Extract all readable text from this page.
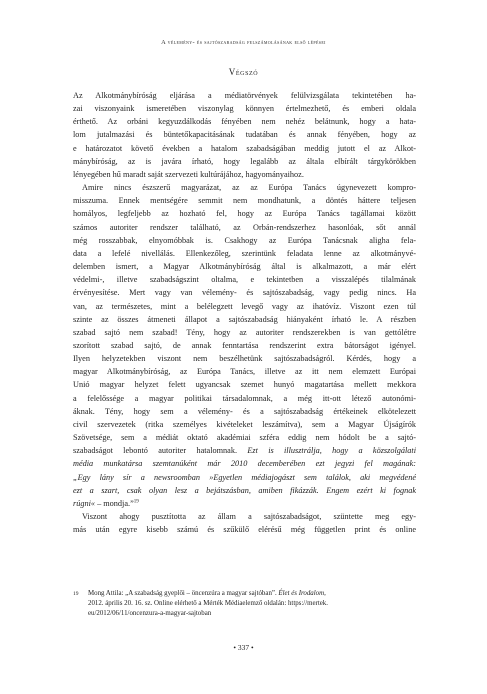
A vélemény- és sajtószabadság felszámolásának első lépései
Végszó
Az Alkotmánybíróság eljárása a médiatörvények felülvizsgálata tekintetében ha-
zai viszonyaink ismeretében viszonylag könnyen értelmezhető, és emberi oldala
érthető. Az orbáni kegyuzdálkodás fényében nem nehéz belátnunk, hogy a hata-
lom jutalmazási és büntetőkapacitásának tudatában és annak fényében, hogy az
e határozatot követő években a hatalom szabadságában meddig jutott el az Alkot-
mánybíróság, az is javára írható, hogy legalább az általa elbírált tárgykörökben
lényegében hű maradt saját szervezeti kultúrájához, hagyományaihoz.
Amire nincs észszerű magyarázat, az az Európa Tanács úgynevezett kompro-
misszuma. Ennek mentségére semmit nem mondhatunk, a döntés háttere teljesen
homályos, legfeljebb az hozható fel, hogy az Európa Tanács tagállamai között
számos autoriter rendszer található, az Orbán-rendszerhez hasonlóak, sőt annál
még rosszabbak, elnyomóbbak is. Csakhogy az Európa Tanácsnak aligha fela-
data a lefelé nivellálás. Ellenkezőleg, szerintünk feladata lenne az alkotmányvé-
delemben ismert, a Magyar Alkotmánybíróság által is alkalmazott, a már elért
védelmi-, illetve szabadságszint oltalma, e tekintetben a visszalépés tilalmának
érvényesítése. Mert vagy van vélemény- és sajtószabadság, vagy pedig nincs. Ha
van, az természetes, mint a belélegzett levegő vagy az ihatóvíz. Viszont ezen túl
szinte az összes átmeneti állapot a sajtószabadság hiányaként írható le. A részben
szabad sajtó nem szabad! Tény, hogy az autoriter rendszerekben is van gettólétre
szorított szabad sajtó, de annak fenntartása rendszerint extra bátorságot igényel.
Ilyen helyzetekben viszont nem beszélhetünk sajtószabadságról. Kérdés, hogy a
magyar Alkotmánybíróság, az Európa Tanács, illetve az itt nem elemzett Európai
Unió magyar helyzet felett ugyancsak szemet hunyó magatartása mellett mekkora
a felelőssége a magyar politikai társadalomnak, a még itt-ott létező autonómi-
áknak. Tény, hogy sem a vélemény- és a sajtószabadság értékeinek elkötelezett
civil szervezetek (ritka személyes kivételeket leszámítva), sem a Magyar Újságírók
Szövetsége, sem a médiát oktató akadémiai szféra eddig nem hódolt be a sajtó-
szabadságot lebontó autoriter hatalomnak. Ezt is illusztrálja, hogy a közszolgálati
média munkatársa szemtanúként már 2010 decemberében ezt jegyzi fel magának:
„Egy lány sír a newsroomban »Egyetlen médiajogászt sem találok, aki megvédené
ezt a szart, csak olyan lesz a bejátszásban, amiben fikázzák. Engem ezért ki fognak
rúgni« – mondja.”$^{19}$
Viszont ahogy pusztította az állam a sajtószabadságot, szüntette meg egy-
más után egyre kisebb számú és szűkülő elérésű még független print és online
19 Mong Attila: „A szabadság gyeplői – öncenzúra a magyar sajtóban”. Élet és Irodalom,
2012. április 20. 16. sz. Online elérhető a Mérték Médiaelemző oldalán: https://mertek.
eu/2012/06/11/oncenzura-a-magyar-sajtoban
• 337 •
